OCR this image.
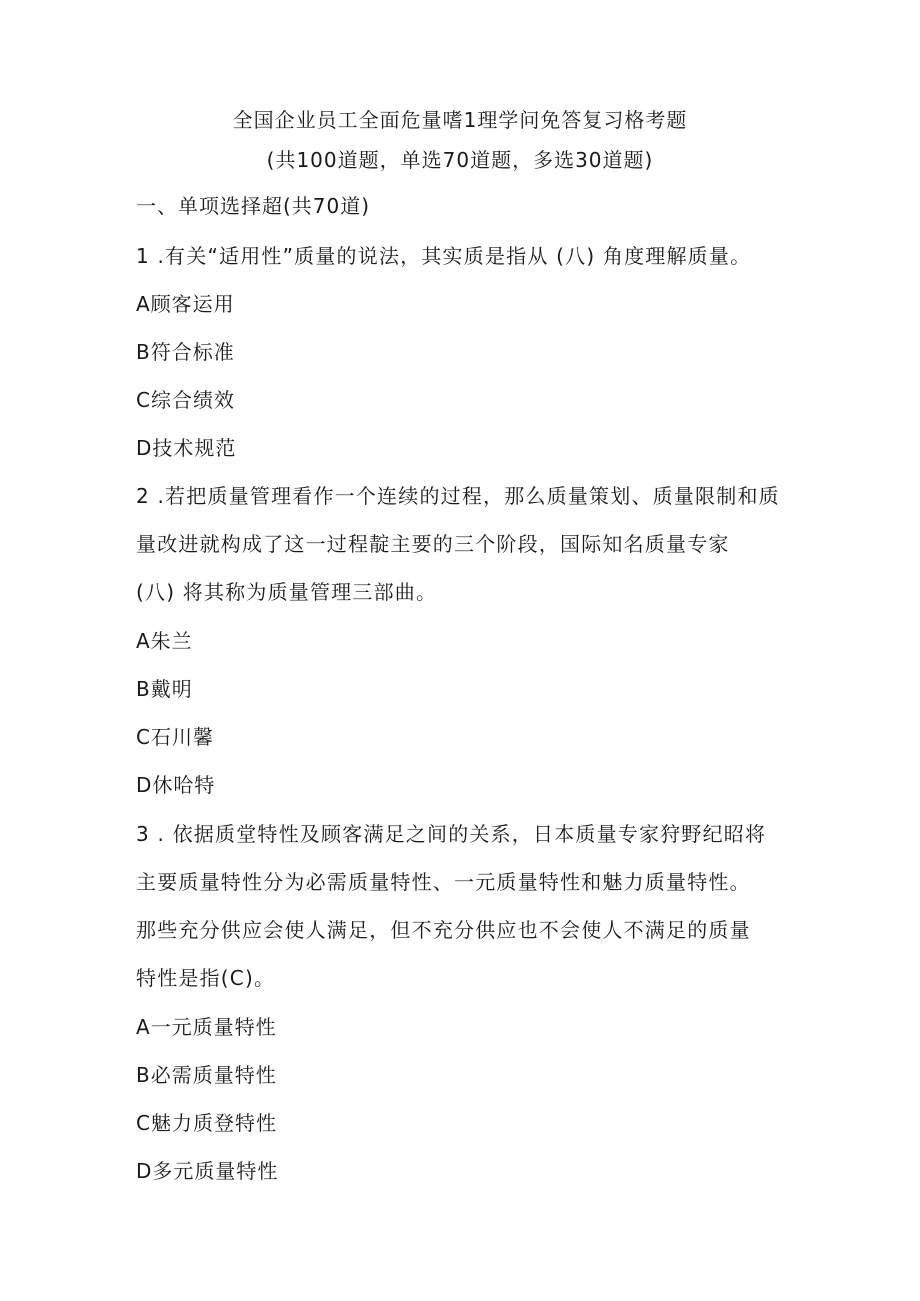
全国企业员工全面危量嗜1理学问免答复习格考题
(共100道题，单选70道题，多选30道题)
一、单项选择超(共70道)
1 .有关“适用性”质量的说法，其实质是指从 (八) 角度理解质量。
A顾客运用
B符合标准
C综合绩效
D技术规范
2 .若把质量管理看作一个连续的过程，那么质量策划、质量限制和质
量改进就构成了这一过程靛主要的三个阶段，国际知名质量专家
(八) 将其称为质量管理三部曲。
A朱兰
B戴明
C石川馨
D休哈特
3 . 依据质堂特性及顾客满足之间的关系，日本质量专家狩野纪昭将
主要质量特性分为必需质量特性、一元质量特性和魅力质量特性。
那些充分供应会使人满足，但不充分供应也不会使人不满足的质量
特性是指(C)。
A一元质量特性
B必需质量特性
C魅力质登特性
D多元质量特性
